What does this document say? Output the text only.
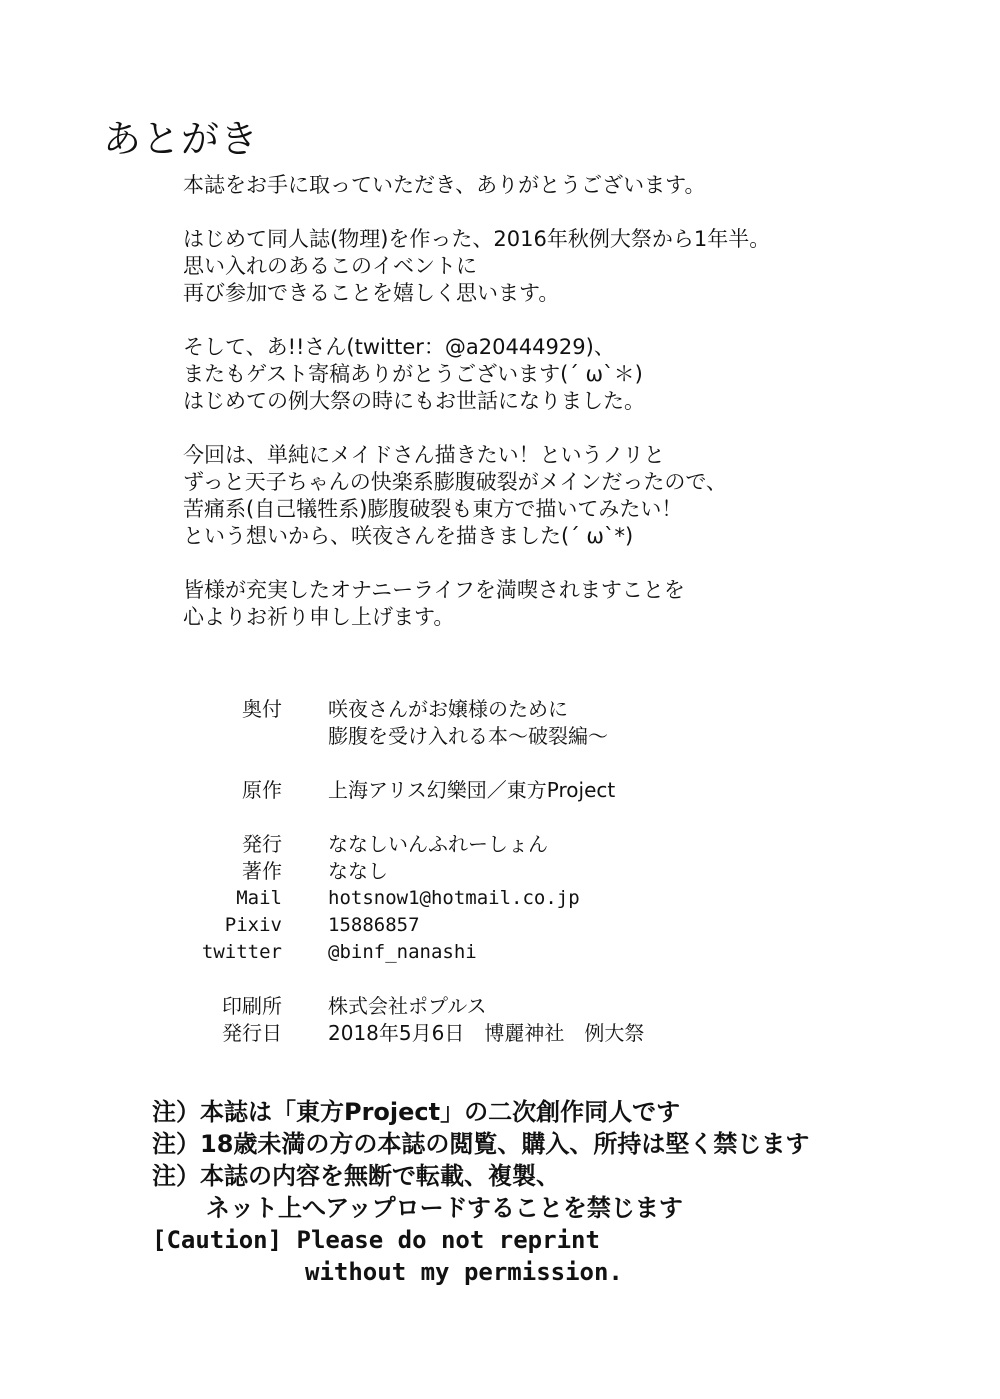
あとがき
本誌をお手に取っていただき、ありがとうございます。
はじめて同人誌(物理)を作った、2016年秋例大祭から1年半。
思い入れのあるこのイベントに
再び参加できることを嬉しく思います。
そして、あ!!さん(twitter：@a20444929)、
またもゲスト寄稿ありがとうございます(´ ω`＊)
はじめての例大祭の時にもお世話になりました。
今回は、単純にメイドさん描きたい！というノリと
ずっと天子ちゃんの快楽系膨腹破裂がメインだったので、
苦痛系(自己犠牲系)膨腹破裂も東方で描いてみたい！
という想いから、咲夜さんを描きました(´ ω`*)
皆様が充実したオナニーライフを満喫されますことを
心よりお祈り申し上げます。
奥付 咲夜さんがお嬢様のために
膨腹を受け入れる本～破裂編～
原作 上海アリス幻樂団／東方Project
発行 ななしいんふれーしょん
著作 ななし
Mail hotsnow1@hotmail.co.jp
Pixiv 15886857
twitter @binf_nanashi
印刷所 株式会社ポプルス
発行日 2018年5月6日　博麗神社　例大祭
注）本誌は「東方Project」の二次創作同人です
注）18歳未満の方の本誌の閲覧、購入、所持は堅く禁じます
注）本誌の内容を無断で転載、複製、
ネット上へアップロードすることを禁じます
[Caution] Please do not reprint
without my permission.
